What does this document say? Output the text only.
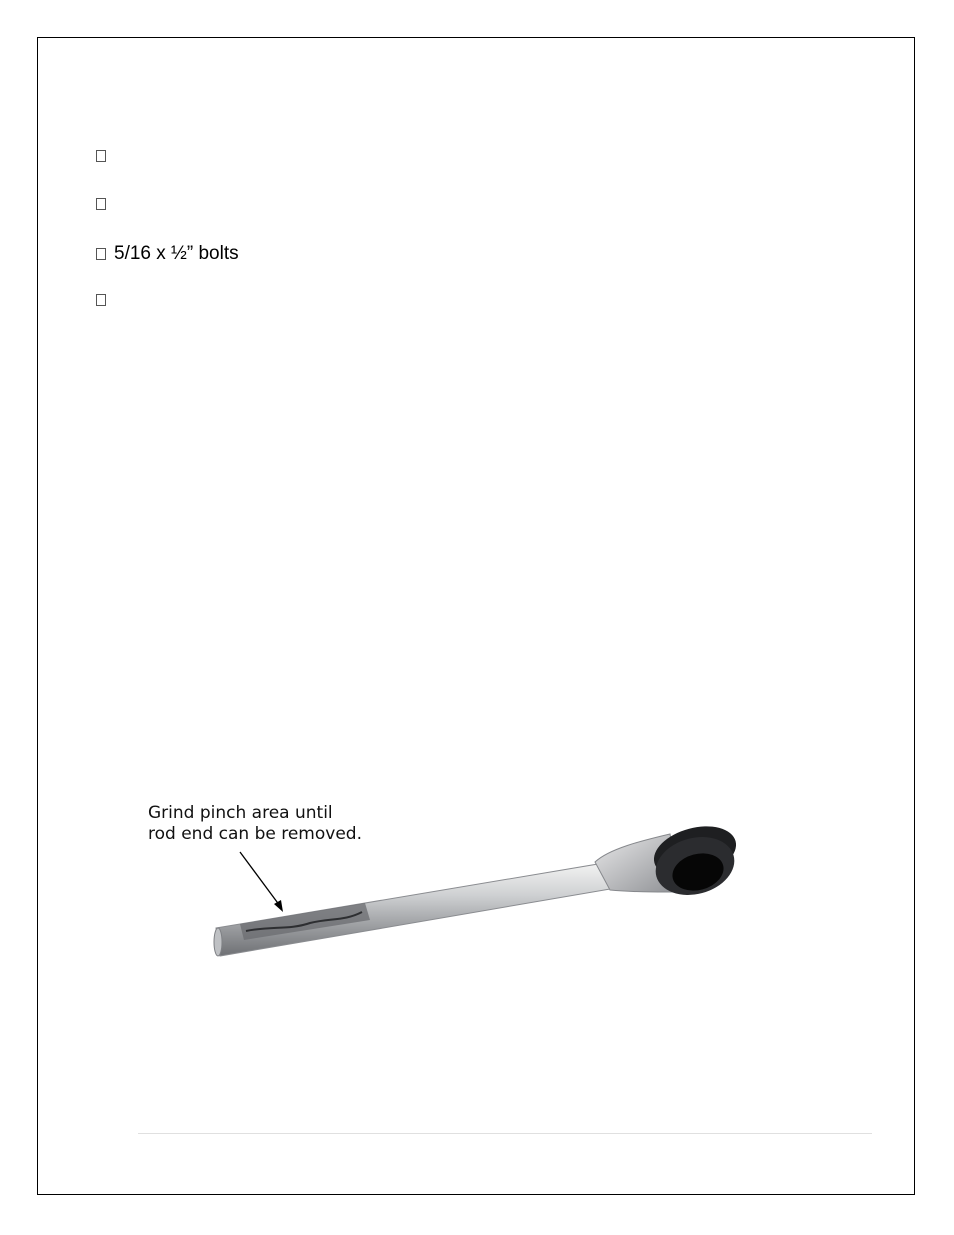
5/16 x ½” bolts
Grind pinch area until
rod end can be removed.
